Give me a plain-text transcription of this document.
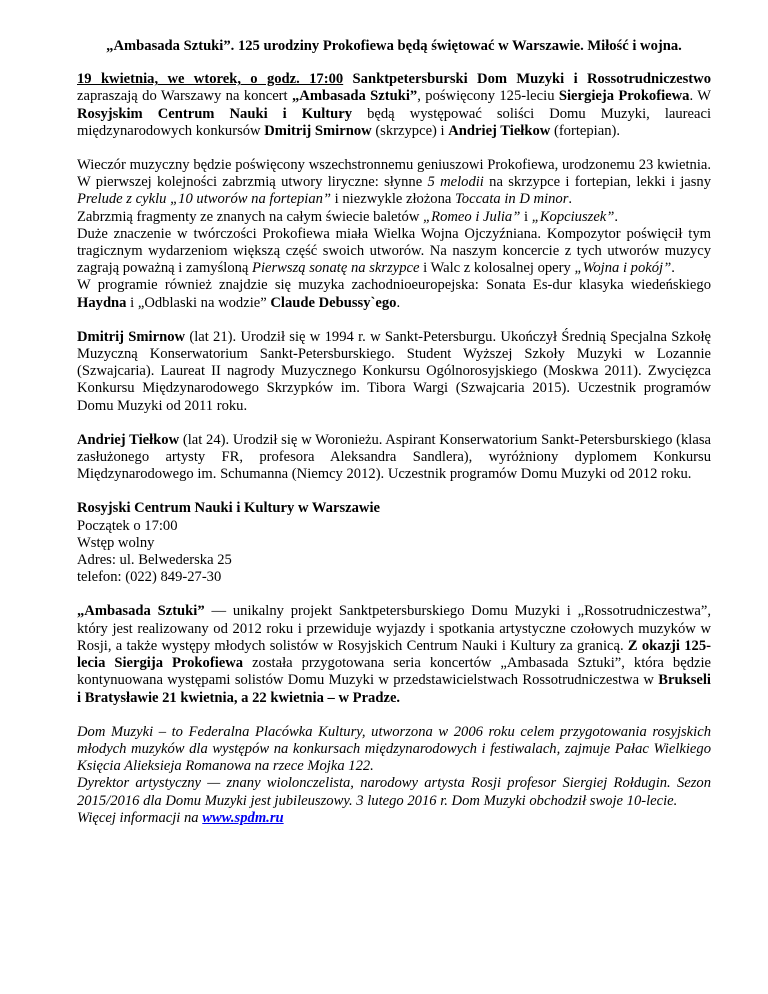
„Ambasada Sztuki”. 125 urodziny Prokofiewa będą świętować w Warszawie. Miłość i wojna.

19 kwietnia, we wtorek, o godz. 17:00 Sanktpetersburski Dom Muzyki i Rossotrudniczestwo zapraszają do Warszawy na koncert „Ambasada Sztuki”, poświęcony 125-leciu Siergieja Prokofiewa. W Rosyjskim Centrum Nauki i Kultury będą występować soliści Domu Muzyki, laureaci międzynarodowych konkursów Dmitrij Smirnow (skrzypce) i Andriej Tiełkow (fortepian).

Wieczór muzyczny będzie poświęcony wszechstronnemu geniuszowi Prokofiewa, urodzonemu 23 kwietnia. W pierwszej kolejności zabrzmią utwory liryczne: słynne 5 melodii na skrzypce i fortepian, lekki i jasny Prelude z cyklu „10 utworów na fortepian” i niezwykle złożona Toccata in D minor.
Zabrzmią fragmenty ze znanych na całym świecie baletów „Romeo i Julia” i „Kopciuszek”.
Duże znaczenie w twórczości Prokofiewa miała Wielka Wojna Ojczyźniana. Kompozytor poświęcił tym tragicznym wydarzeniom większą część swoich utworów. Na naszym koncercie z tych utworów muzycy zagrają poważną i zamyśloną Pierwszą sonatę na skrzypce i Walc z kolosalnej opery „Wojna i pokój”.
W programie również znajdzie się muzyka zachodnioeuropejska: Sonata Es-dur klasyka wiedeńskiego Haydna i „Odblaski na wodzie” Claude Debussy`ego.

Dmitrij Smirnow (lat 21). Urodził się w 1994 r. w Sankt-Petersburgu. Ukończył Średnią Specjalna Szkołę Muzyczną Konserwatorium Sankt-Petersburskiego. Student Wyższej Szkoły Muzyki w Lozannie (Szwajcaria). Laureat II nagrody Muzycznego Konkursu Ogólnorosyjskiego (Moskwa 2011). Zwycięzca Konkursu Międzynarodowego Skrzypków im. Tibora Wargi (Szwajcaria 2015). Uczestnik programów Domu Muzyki od 2011 roku.

Andriej Tiełkow (lat 24). Urodził się w Woronieżu. Aspirant Konserwatorium Sankt-Petersburskiego (klasa zasłużonego artysty FR, profesora Aleksandra Sandlera), wyróżniony dyplomem Konkursu Międzynarodowego im. Schumanna (Niemcy 2012). Uczestnik programów Domu Muzyki od 2012 roku.

Rosyjski Centrum Nauki i Kultury w Warszawie

Początek o 17:00

Wstęp wolny

Adres: ul. Belwederska 25

telefon: (022) 849-27-30

„Ambasada Sztuki” — unikalny projekt Sanktpetersburskiego Domu Muzyki i „Rossotrudniczestwa”, który jest realizowany od 2012 roku i przewiduje wyjazdy i spotkania artystyczne czołowych muzyków w Rosji, a także występy młodych solistów w Rosyjskich Centrum Nauki i Kultury za granicą. Z okazji 125-lecia Siergija Prokofiewa została przygotowana seria koncertów „Ambasada Sztuki”, która będzie kontynuowana występami solistów Domu Muzyki w przedstawicielstwach Rossotrudniczestwa w Brukseli i Bratysławie 21 kwietnia, a 22 kwietnia – w Pradze.

Dom Muzyki – to Federalna Placówka Kultury, utworzona w 2006 roku celem przygotowania rosyjskich młodych muzyków dla występów na konkursach międzynarodowych i festiwalach, zajmuje Pałac Wielkiego Księcia Alieksieja Romanowa na rzece Mojka 122.

Dyrektor artystyczny — znany wiolonczelista, narodowy artysta Rosji profesor Siergiej Rołdugin. Sezon 2015/2016 dla Domu Muzyki jest jubileuszowy. 3 lutego 2016 r. Dom Muzyki obchodził swoje 10-lecie.

Więcej informacji na www.spdm.ru
